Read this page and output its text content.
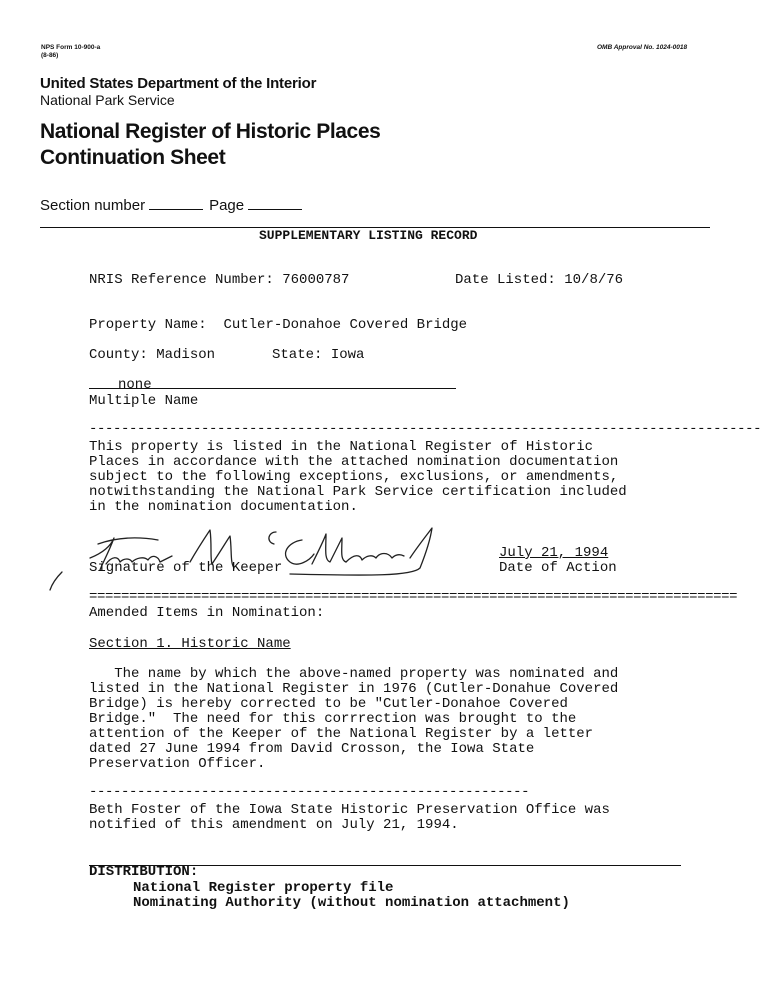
NPS Form 10-900-a
(8-86)
OMB Approval No. 1024-0018
United States Department of the Interior
National Park Service
National Register of Historic Places
Continuation Sheet
Section number	Page
SUPPLEMENTARY LISTING RECORD
NRIS Reference Number: 76000787	Date Listed: 10/8/76
Property Name: Cutler-Donahoe Covered Bridge
County: Madison	State: Iowa
none
Multiple Name
------------------------------------------------------------------------------------
This property is listed in the National Register of Historic
Places in accordance with the attached nomination documentation
subject to the following exceptions, exclusions, or amendments,
notwithstanding the National Park Service certification included
in the nomination documentation.
Signature of the Keeper
July 21, 1994
Date of Action
=================================================================================
Amended Items in Nomination:
Section 1. Historic Name
The name by which the above-named property was nominated and
listed in the National Register in 1976 (Cutler-Donahue Covered
Bridge) is hereby corrected to be "Cutler-Donahoe Covered
Bridge."  The need for this corrrection was brought to the
attention of the Keeper of the National Register by a letter
dated 27 June 1994 from David Crosson, the Iowa State
Preservation Officer.
-------------------------------------------------------
Beth Foster of the Iowa State Historic Preservation Office was
notified of this amendment on July 21, 1994.
DISTRIBUTION:
National Register property file
Nominating Authority (without nomination attachment)
